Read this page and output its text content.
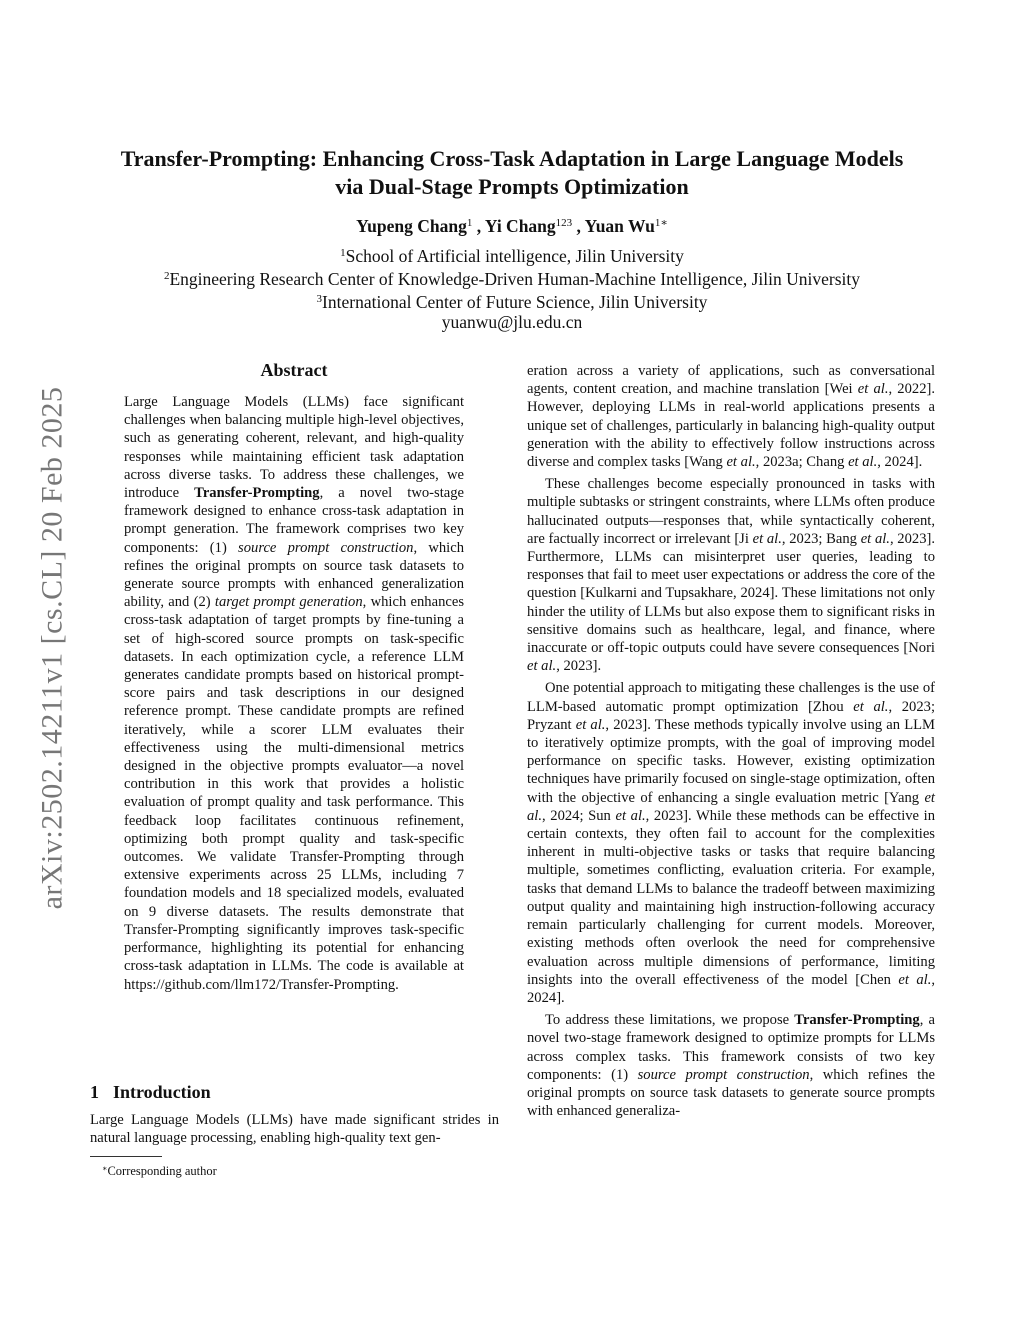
arXiv:2502.14211v1 [cs.CL] 20 Feb 2025
Transfer-Prompting: Enhancing Cross-Task Adaptation in Large Language Models
via Dual-Stage Prompts Optimization
Yupeng Chang$^1$ , Yi Chang$^{123}$ , Yuan $Wu^{1∗}$
$^1$School of Artificial intelligence, Jilin University
$^2$Engineering Research Center of Knowledge-Driven Human-Machine Intelligence, Jilin University
$^3$International Center of Future Science, Jilin University
yuanwu@jlu.edu.cn
Abstract

Large Language Models (LLMs) face significant challenges when balancing multiple high-level objectives, such as generating coherent, relevant, and high-quality responses while maintaining efficient task adaptation across diverse tasks. To address these challenges, we introduce Transfer-Prompting, a novel two-stage framework designed to enhance cross-task adaptation in prompt generation. The framework comprises two key components: (1) source prompt construction, which refines the original prompts on source task datasets to generate source prompts with enhanced generalization ability, and (2) target prompt generation, which enhances cross-task adaptation of target prompts by fine-tuning a set of high-scored source prompts on task-specific datasets. In each optimization cycle, a reference LLM generates candidate prompts based on historical prompt-score pairs and task descriptions in our designed reference prompt. These candidate prompts are refined iteratively, while a scorer LLM evaluates their effectiveness using the multi-dimensional metrics designed in the objective prompts evaluator—a novel contribution in this work that provides a holistic evaluation of prompt quality and task performance. This feedback loop facilitates continuous refinement, optimizing both prompt quality and task-specific outcomes. We validate Transfer-Prompting through extensive experiments across 25 LLMs, including 7 foundation models and 18 specialized models, evaluated on 9 diverse datasets. The results demonstrate that Transfer-Prompting significantly improves task-specific performance, highlighting its potential for enhancing cross-task adaptation in LLMs. The code is available at https://github.com/llm172/Transfer-Prompting.

1 Introduction

Large Language Models (LLMs) have made significant strides in natural language processing, enabling high-quality text gen-

∗Corresponding author

eration across a variety of applications, such as conversational agents, content creation, and machine translation [Wei et al., 2022]. However, deploying LLMs in real-world applications presents a unique set of challenges, particularly in balancing high-quality output generation with the ability to effectively follow instructions across diverse and complex tasks [Wang et al., 2023a; Chang et al., 2024].

These challenges become especially pronounced in tasks with multiple subtasks or stringent constraints, where LLMs often produce hallucinated outputs—responses that, while syntactically coherent, are factually incorrect or irrelevant [Ji et al., 2023; Bang et al., 2023]. Furthermore, LLMs can misinterpret user queries, leading to responses that fail to meet user expectations or address the core of the question [Kulkarni and Tupsakhare, 2024]. These limitations not only hinder the utility of LLMs but also expose them to significant risks in sensitive domains such as healthcare, legal, and finance, where inaccurate or off-topic outputs could have severe consequences [Nori et al., 2023].

One potential approach to mitigating these challenges is the use of LLM-based automatic prompt optimization [Zhou et al., 2023; Pryzant et al., 2023]. These methods typically involve using an LLM to iteratively optimize prompts, with the goal of improving model performance on specific tasks. However, existing optimization techniques have primarily focused on single-stage optimization, often with the objective of enhancing a single evaluation metric [Yang et al., 2024; Sun et al., 2023]. While these methods can be effective in certain contexts, they often fail to account for the complexities inherent in multi-objective tasks or tasks that require balancing multiple, sometimes conflicting, evaluation criteria. For example, tasks that demand LLMs to balance the tradeoff between maximizing output quality and maintaining high instruction-following accuracy remain particularly challenging for current models. Moreover, existing methods often overlook the need for comprehensive evaluation across multiple dimensions of performance, limiting insights into the overall effectiveness of the model [Chen et al., 2024].

To address these limitations, we propose Transfer-Prompting, a novel two-stage framework designed to optimize prompts for LLMs across complex tasks. This framework consists of two key components: (1) source prompt construction, which refines the original prompts on source task datasets to generate source prompts with enhanced generaliza-
